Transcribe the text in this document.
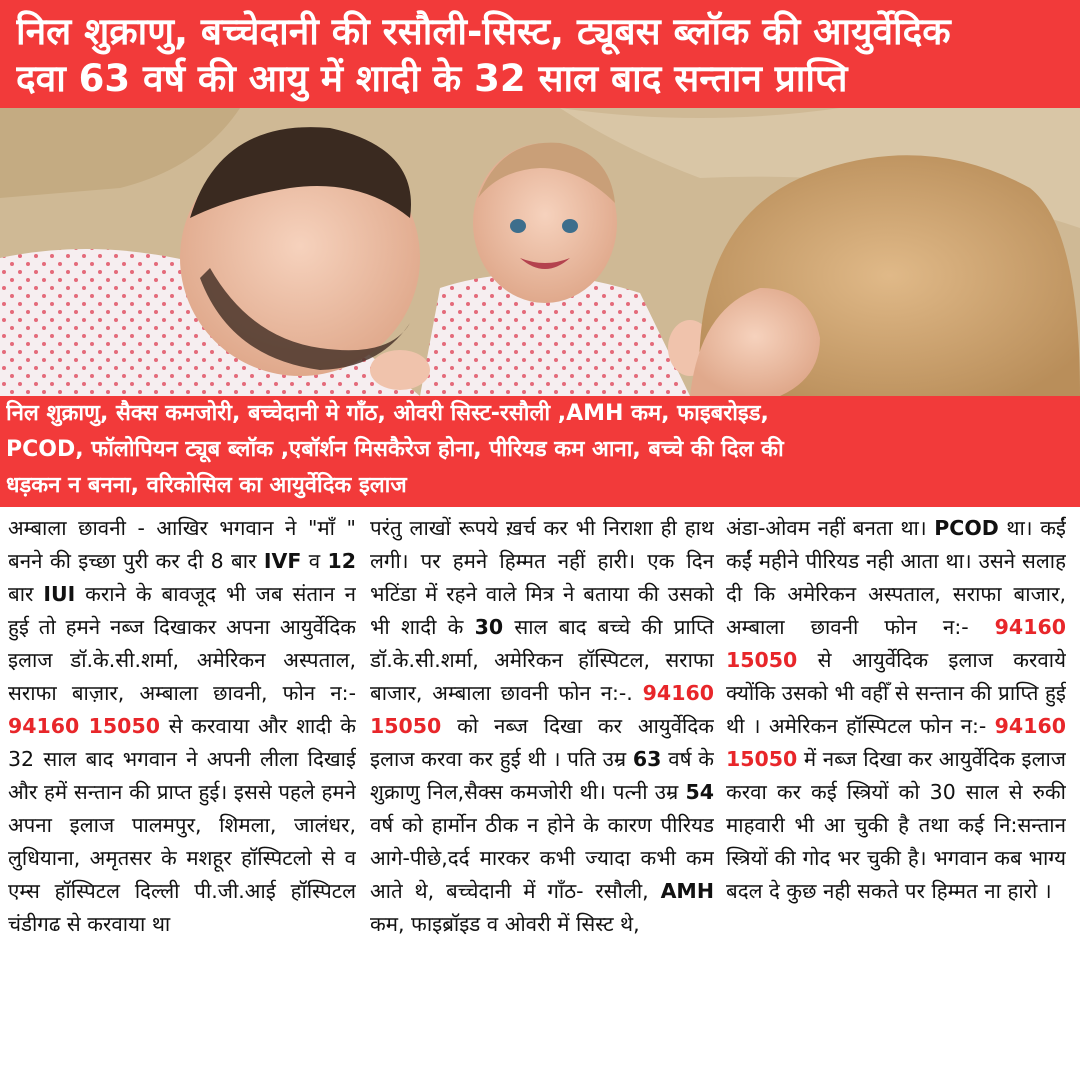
निल शुक्राणु, बच्चेदानी की रसौली-सिस्ट, ट्यूबस ब्लॉक की आयुर्वेदिक
दवा 63 वर्ष की आयु में शादी के 32 साल बाद सन्तान प्राप्ति
निल शुक्राणु, सैक्स कमजोरी, बच्चेदानी मे गाँठ, ओवरी सिस्ट-रसौली ,AMH कम, फाइबरोइड,
PCOD, फॉलोपियन ट्यूब ब्लॉक ,एबॉर्शन मिसकैरेज होना, पीरियड कम आना, बच्चे की दिल की
धड़कन न बनना, वरिकोसिल का आयुर्वेदिक इलाज

अम्बाला छावनी - आखिर भगवान ने "माँ " बनने की इच्छा पुरी कर दी 8 बार IVF व 12 बार IUI कराने के बावजूद भी जब संतान न हुई तो हमने नब्ज दिखाकर अपना आयुर्वेदिक इलाज डॉ.के.सी.शर्मा, अमेरिकन अस्पताल, सराफा बाज़ार, अम्बाला छावनी, फोन न:- 94160 15050 से करवाया और शादी के 32 साल बाद भगवान ने अपनी लीला दिखाई और हमें सन्तान की प्राप्त हुई। इससे पहले हमने अपना इलाज पालमपुर, शिमला, जालंधर, लुधियाना, अमृतसर के मशहूर हॉस्पिटलो से व एम्स हॉस्पिटल दिल्ली पी.जी.आई हॉस्पिटल चंडीगढ से करवाया था

परंतु लाखों रूपये ख़र्च कर भी निराशा ही हाथ लगी। पर हमने हिम्मत नहीं हारी। एक दिन भटिंडा में रहने वाले मित्र ने बताया की उसको भी शादी के 30 साल बाद बच्चे की प्राप्ति डॉ.के.सी.शर्मा, अमेरिकन हॉस्पिटल, सराफा बाजार, अम्बाला छावनी फोन न:-. 94160 15050 को नब्ज दिखा कर आयुर्वेदिक इलाज करवा कर हुई थी । पति उम्र 63 वर्ष के शुक्राणु निल,सैक्स कमजोरी थी। पत्नी उम्र 54 वर्ष को हार्मोन ठीक न होने के कारण पीरियड आगे-पीछे,दर्द मारकर कभी ज्यादा कभी कम आते थे, बच्चेदानी में गाँठ- रसौली, AMH कम, फाइब्रॉइड व ओवरी में सिस्ट थे,

अंडा-ओवम नहीं बनता था। PCOD था। कईं कईं महीने पीरियड नही आता था। उसने सलाह दी कि अमेरिकन अस्पताल, सराफा बाजार, अम्बाला छावनी फोन न:- 94160 15050 से आयुर्वेदिक इलाज करवाये क्योंकि उसको भी वहीँ से सन्तान की प्राप्ति हुई थी । अमेरिकन हॉस्पिटल फोन न:- 94160 15050 में नब्ज दिखा कर आयुर्वेदिक इलाज करवा कर कई स्त्रियों को 30 साल से रुकी माहवारी भी आ चुकी है तथा कई नि:सन्तान स्त्रियों की गोद भर चुकी है। भगवान कब भाग्य बदल दे कुछ नही सकते पर हिम्मत ना हारो ।
